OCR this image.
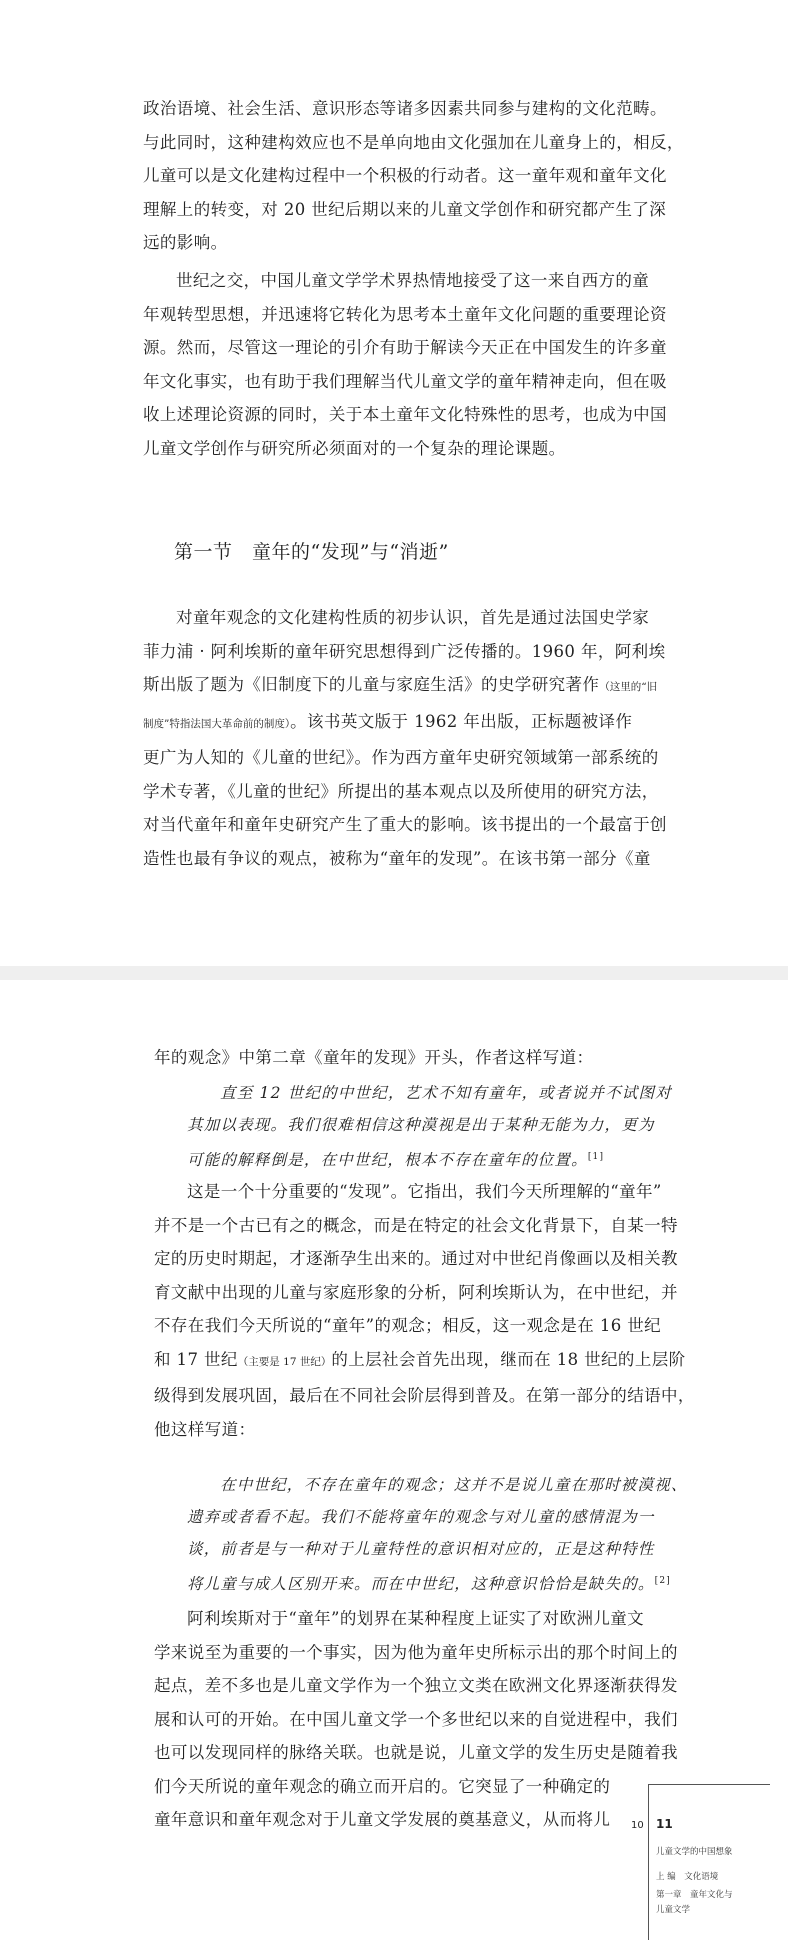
政治语境、社会生活、意识形态等诸多因素共同参与建构的文化范畴。
与此同时，这种建构效应也不是单向地由文化强加在儿童身上的，相反，
儿童可以是文化建构过程中一个积极的行动者。这一童年观和童年文化
理解上的转变，对 20 世纪后期以来的儿童文学创作和研究都产生了深
远的影响。
世纪之交，中国儿童文学学术界热情地接受了这一来自西方的童
年观转型思想，并迅速将它转化为思考本土童年文化问题的重要理论资
源。然而，尽管这一理论的引介有助于解读今天正在中国发生的许多童
年文化事实，也有助于我们理解当代儿童文学的童年精神走向，但在吸
收上述理论资源的同时，关于本土童年文化特殊性的思考，也成为中国
儿童文学创作与研究所必须面对的一个复杂的理论课题。
第一节　童年的“发现”与“消逝”
对童年观念的文化建构性质的初步认识，首先是通过法国史学家
菲力浦 · 阿利埃斯的童年研究思想得到广泛传播的。1960 年，阿利埃
斯出版了题为《旧制度下的儿童与家庭生活》的史学研究著作（这里的“旧
制度”特指法国大革命前的制度）。该书英文版于 1962 年出版，正标题被译作
更广为人知的《儿童的世纪》。作为西方童年史研究领域第一部系统的
学术专著，《儿童的世纪》所提出的基本观点以及所使用的研究方法，
对当代童年和童年史研究产生了重大的影响。该书提出的一个最富于创
造性也最有争议的观点，被称为“童年的发现”。在该书第一部分《童
年的观念》中第二章《童年的发现》开头，作者这样写道：
直至 12 世纪的中世纪，艺术不知有童年，或者说并不试图对
其加以表现。我们很难相信这种漠视是出于某种无能为力，更为
可能的解释倒是，在中世纪，根本不存在童年的位置。[1]
这是一个十分重要的“发现”。它指出，我们今天所理解的“童年”
并不是一个古已有之的概念，而是在特定的社会文化背景下，自某一特
定的历史时期起，才逐渐孕生出来的。通过对中世纪肖像画以及相关教
育文献中出现的儿童与家庭形象的分析，阿利埃斯认为，在中世纪，并
不存在我们今天所说的“童年”的观念；相反，这一观念是在 16 世纪
和 17 世纪（主要是 17 世纪）的上层社会首先出现，继而在 18 世纪的上层阶
级得到发展巩固，最后在不同社会阶层得到普及。在第一部分的结语中，
他这样写道：
在中世纪，不存在童年的观念；这并不是说儿童在那时被漠视、
遗弃或者看不起。我们不能将童年的观念与对儿童的感情混为一
谈，前者是与一种对于儿童特性的意识相对应的，正是这种特性
将儿童与成人区别开来。而在中世纪，这种意识恰恰是缺失的。[2]
阿利埃斯对于“童年”的划界在某种程度上证实了对欧洲儿童文
学来说至为重要的一个事实，因为他为童年史所标示出的那个时间上的
起点，差不多也是儿童文学作为一个独立文类在欧洲文化界逐渐获得发
展和认可的开始。在中国儿童文学一个多世纪以来的自觉进程中，我们
也可以发现同样的脉络关联。也就是说，儿童文学的发生历史是随着我
们今天所说的童年观念的确立而开启的。它突显了一种确定的
童年意识和童年观念对于儿童文学发展的奠基意义，从而将儿	10 11
儿童文学的中国想象
上 编　文化语境
第一章　童年文化与
儿童文学
